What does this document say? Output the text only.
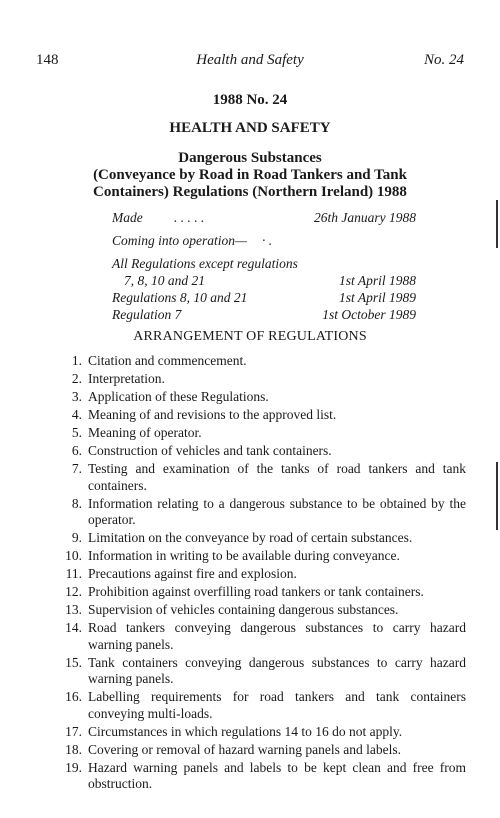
148	Health and Safety	No. 24
1988 No. 24
HEALTH AND SAFETY
Dangerous Substances
(Conveyance by Road in Road Tankers and Tank
Containers) Regulations (Northern Ireland) 1988
Made . . . . .	26th January 1988
Coming into operation— · .
All Regulations except regulations
7, 8, 10 and 21	1st April 1988
Regulations 8, 10 and 21	1st April 1989
Regulation 7	1st October 1989
ARRANGEMENT OF REGULATIONS
1. Citation and commencement.
2. Interpretation.
3. Application of these Regulations.
4. Meaning of and revisions to the approved list.
5. Meaning of operator.
6. Construction of vehicles and tank containers.
7. Testing and examination of the tanks of road tankers and tank containers.
8. Information relating to a dangerous substance to be obtained by the operator.
9. Limitation on the conveyance by road of certain substances.
10. Information in writing to be available during conveyance.
11. Precautions against fire and explosion.
12. Prohibition against overfilling road tankers or tank containers.
13. Supervision of vehicles containing dangerous substances.
14. Road tankers conveying dangerous substances to carry hazard warning panels.
15. Tank containers conveying dangerous substances to carry hazard warning panels.
16. Labelling requirements for road tankers and tank containers conveying multi-loads.
17. Circumstances in which regulations 14 to 16 do not apply.
18. Covering or removal of hazard warning panels and labels.
19. Hazard warning panels and labels to be kept clean and free from obstruction.
